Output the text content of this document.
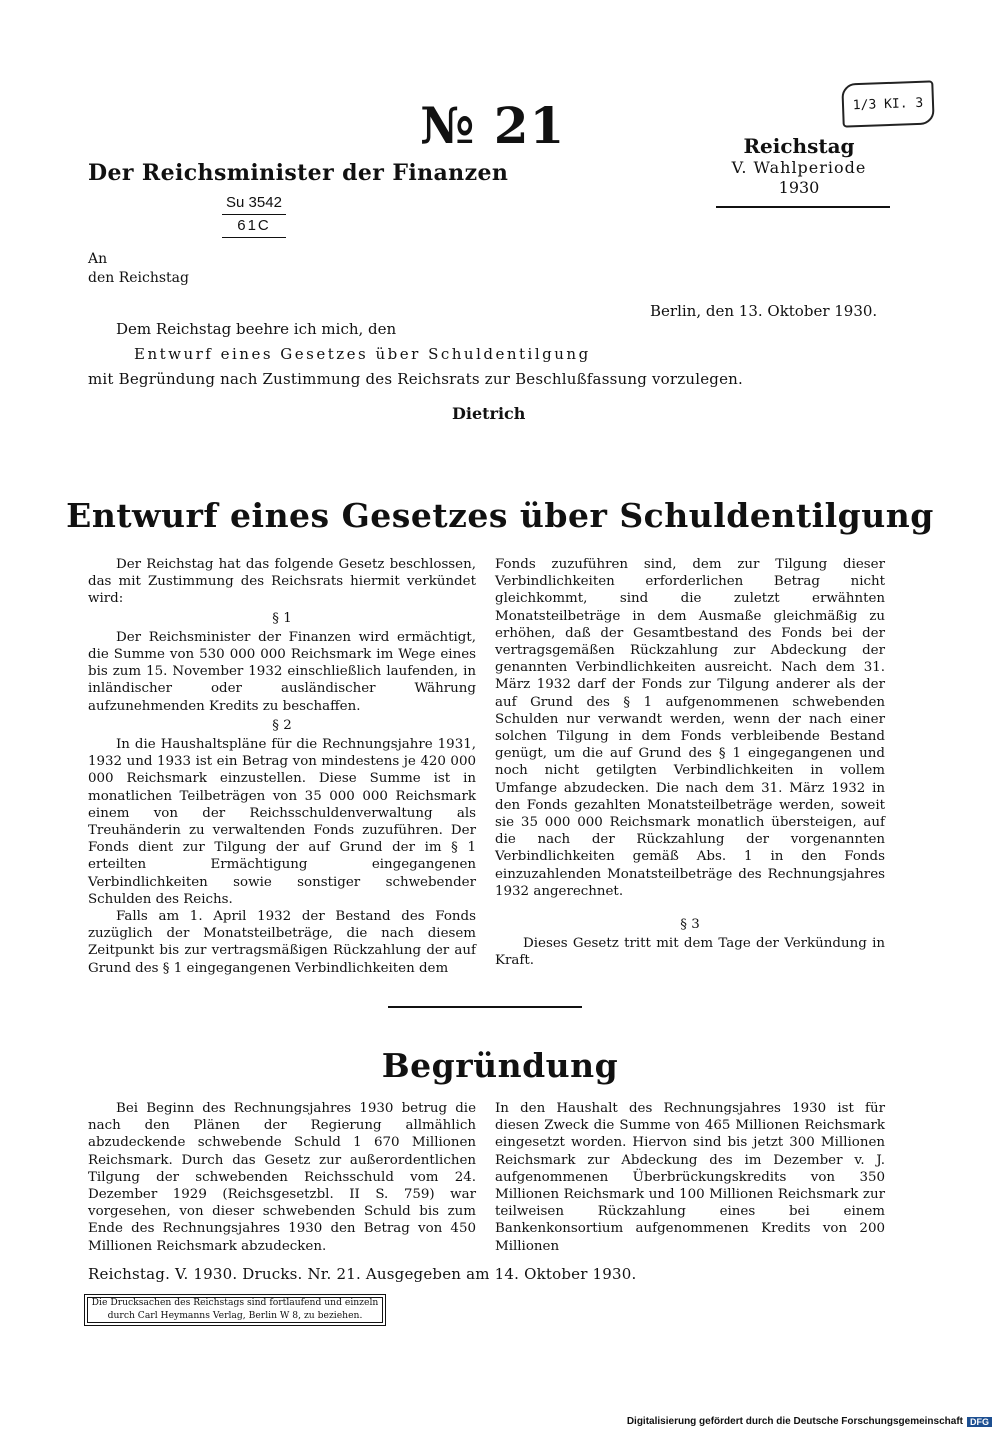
1/3 KI. 3
№ 21	Reichstag
V. Wahlperiode
1930
Der Reichsminister der Finanzen
Su 3542
61C
An
den Reichstag
Berlin, den 13. Oktober 1930.
Dem Reichstag beehre ich mich, den
Entwurf eines Gesetzes über Schuldentilgung
mit Begründung nach Zustimmung des Reichsrats zur Beschlußfassung vorzulegen.
Dietrich
Entwurf eines Gesetzes über Schuldentilgung

Der Reichstag hat das folgende Gesetz beschlossen, das mit Zustimmung des Reichsrats hiermit verkündet wird:

§ 1

Der Reichsminister der Finanzen wird ermächtigt, die Summe von 530 000 000 Reichsmark im Wege eines bis zum 15. November 1932 einschließlich laufenden, in inländischer oder ausländischer Währung aufzunehmenden Kredits zu beschaffen.

§ 2

In die Haushaltspläne für die Rechnungsjahre 1931, 1932 und 1933 ist ein Betrag von mindestens je 420 000 000 Reichsmark einzustellen. Diese Summe ist in monatlichen Teilbeträgen von 35 000 000 Reichsmark einem von der Reichsschuldenverwaltung als Treuhänderin zu verwaltenden Fonds zuzuführen. Der Fonds dient zur Tilgung der auf Grund der im § 1 erteilten Ermächtigung eingegangenen Verbindlichkeiten sowie sonstiger schwebender Schulden des Reichs.

Falls am 1. April 1932 der Bestand des Fonds zuzüglich der Monatsteilbeträge, die nach diesem Zeitpunkt bis zur vertragsmäßigen Rückzahlung der auf Grund des § 1 eingegangenen Verbindlichkeiten dem

Fonds zuzuführen sind, dem zur Tilgung dieser Verbindlichkeiten erforderlichen Betrag nicht gleichkommt, sind die zuletzt erwähnten Monatsteilbeträge in dem Ausmaße gleichmäßig zu erhöhen, daß der Gesamtbestand des Fonds bei der vertragsgemäßen Rückzahlung zur Abdeckung der genannten Verbindlichkeiten ausreicht. Nach dem 31. März 1932 darf der Fonds zur Tilgung anderer als der auf Grund des § 1 aufgenommenen schwebenden Schulden nur verwandt werden, wenn der nach einer solchen Tilgung in dem Fonds verbleibende Bestand genügt, um die auf Grund des § 1 eingegangenen und noch nicht getilgten Verbindlichkeiten in vollem Umfange abzudecken. Die nach dem 31. März 1932 in den Fonds gezahlten Monatsteilbeträge werden, soweit sie 35 000 000 Reichsmark monatlich übersteigen, auf die nach der Rückzahlung der vorgenannten Verbindlichkeiten gemäß Abs. 1 in den Fonds einzuzahlenden Monatsteilbeträge des Rechnungsjahres 1932 angerechnet.

§ 3

Dieses Gesetz tritt mit dem Tage der Verkündung in Kraft.

Begründung

Bei Beginn des Rechnungsjahres 1930 betrug die nach den Plänen der Regierung allmählich abzudeckende schwebende Schuld 1 670 Millionen Reichsmark. Durch das Gesetz zur außerordentlichen Tilgung der schwebenden Reichsschuld vom 24. Dezember 1929 (Reichsgesetzbl. II S. 759) war vorgesehen, von dieser schwebenden Schuld bis zum Ende des Rechnungsjahres 1930 den Betrag von 450 Millionen Reichsmark abzudecken.

In den Haushalt des Rechnungsjahres 1930 ist für diesen Zweck die Summe von 465 Millionen Reichsmark eingesetzt worden. Hiervon sind bis jetzt 300 Millionen Reichsmark zur Abdeckung des im Dezember v. J. aufgenommenen Überbrückungskredits von 350 Millionen Reichsmark und 100 Millionen Reichsmark zur teilweisen Rückzahlung eines bei einem Bankenkonsortium aufgenommenen Kredits von 200 Millionen

Reichstag. V. 1930. Drucks. Nr. 21. Ausgegeben am 14. Oktober 1930.
Die Drucksachen des Reichstags sind fortlaufend und einzeln
durch Carl Heymanns Verlag, Berlin W 8, zu beziehen.
Digitalisierung gefördert durch die Deutsche Forschungsgemeinschaft DFG
